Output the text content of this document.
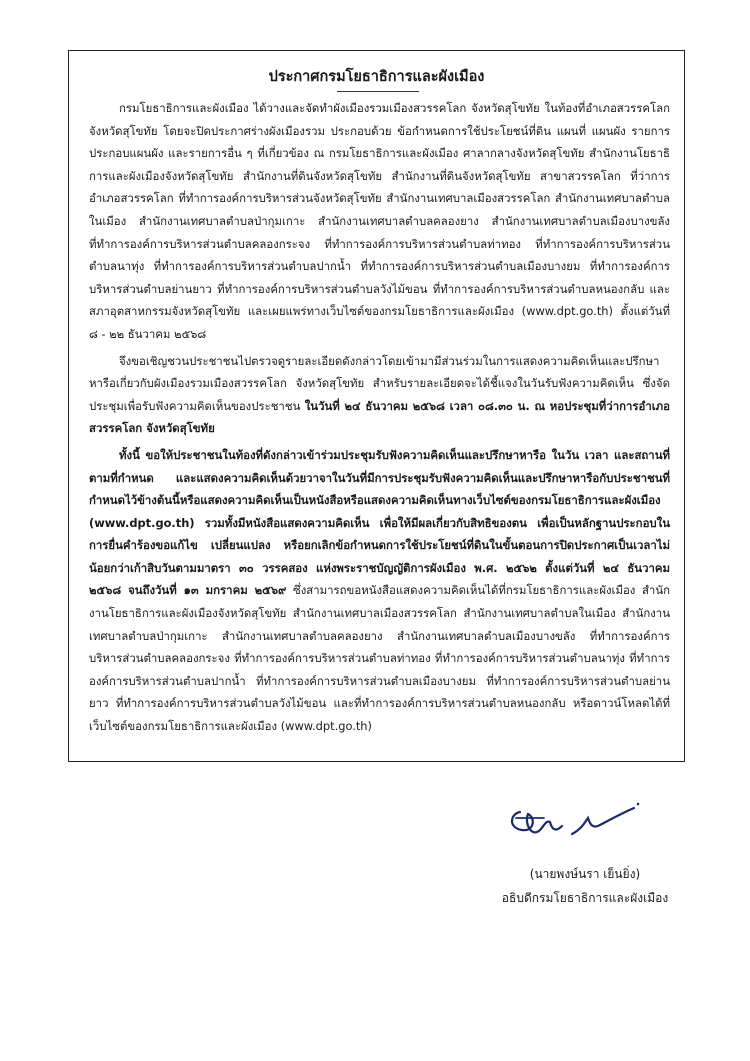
ประกาศกรมโยธาธิการและผังเมือง

กรมโยธาธิการและผังเมือง ได้วางและจัดทำผังเมืองรวมเมืองสวรรคโลก จังหวัดสุโขทัย ในท้องที่อำเภอสวรรคโลก จังหวัดสุโขทัย โดยจะปิดประกาศร่างผังเมืองรวม ประกอบด้วย ข้อกำหนดการใช้ประโยชน์ที่ดิน แผนที่ แผนผัง รายการประกอบแผนผัง และรายการอื่น ๆ ที่เกี่ยวข้อง ณ กรมโยธาธิการและผังเมือง ศาลากลางจังหวัดสุโขทัย สำนักงานโยธาธิการและผังเมืองจังหวัดสุโขทัย สำนักงานที่ดินจังหวัดสุโขทัย สำนักงานที่ดินจังหวัดสุโขทัย สาขาสวรรคโลก ที่ว่าการอำเภอสวรรคโลก ที่ทำการองค์การบริหารส่วนจังหวัดสุโขทัย สำนักงานเทศบาลเมืองสวรรคโลก สำนักงานเทศบาลตำบลในเมือง สำนักงานเทศบาลตำบลป่ากุมเกาะ สำนักงานเทศบาลตำบลคลองยาง สำนักงานเทศบาลตำบลเมืองบางขลัง ที่ทำการองค์การบริหารส่วนตำบลคลองกระจง ที่ทำการองค์การบริหารส่วนตำบลท่าทอง ที่ทำการองค์การบริหารส่วนตำบลนาทุ่ง ที่ทำการองค์การบริหารส่วนตำบลปากน้ำ ที่ทำการองค์การบริหารส่วนตำบลเมืองบางยม ที่ทำการองค์การบริหารส่วนตำบลย่านยาว ที่ทำการองค์การบริหารส่วนตำบลวังไม้ขอน ที่ทำการองค์การบริหารส่วนตำบลหนองกลับ และสภาอุตสาหกรรมจังหวัดสุโขทัย และเผยแพร่ทางเว็บไซต์ของกรมโยธาธิการและผังเมือง (www.dpt.go.th) ตั้งแต่วันที่ ๘ - ๒๒ ธันวาคม ๒๕๖๘

จึงขอเชิญชวนประชาชนไปตรวจดูรายละเอียดดังกล่าวโดยเข้ามามีส่วนร่วมในการแสดงความคิดเห็นและปรึกษาหารือเกี่ยวกับผังเมืองรวมเมืองสวรรคโลก จังหวัดสุโขทัย สำหรับรายละเอียดจะได้ชี้แจงในวันรับฟังความคิดเห็น ซึ่งจัดประชุมเพื่อรับฟังความคิดเห็นของประชาชน ในวันที่ ๒๔ ธันวาคม ๒๕๖๘ เวลา ๐๘.๓๐ น. ณ หอประชุมที่ว่าการอำเภอสวรรคโลก จังหวัดสุโขทัย

ทั้งนี้ ขอให้ประชาชนในท้องที่ดังกล่าวเข้าร่วมประชุมรับฟังความคิดเห็นและปรึกษาหารือ ในวัน เวลา และสถานที่ ตามที่กำหนด และแสดงความคิดเห็นด้วยวาจาในวันที่มีการประชุมรับฟังความคิดเห็นและปรึกษาหารือกับประชาชนที่กำหนดไว้ข้างต้นนี้หรือแสดงความคิดเห็นเป็นหนังสือหรือแสดงความคิดเห็นทางเว็บไซต์ของกรมโยธาธิการและผังเมือง (www.dpt.go.th) รวมทั้งมีหนังสือแสดงความคิดเห็น เพื่อให้มีผลเกี่ยวกับสิทธิของตน เพื่อเป็นหลักฐานประกอบในการยื่นคำร้องขอแก้ไข เปลี่ยนแปลง หรือยกเลิกข้อกำหนดการใช้ประโยชน์ที่ดินในขั้นตอนการปิดประกาศเป็นเวลาไม่น้อยกว่าเก้าสิบวันตามมาตรา ๓๐ วรรคสอง แห่งพระราชบัญญัติการผังเมือง พ.ศ. ๒๕๖๒ ตั้งแต่วันที่ ๒๔ ธันวาคม ๒๕๖๘ จนถึงวันที่ ๑๓ มกราคม ๒๕๖๙ ซึ่งสามารถขอหนังสือแสดงความคิดเห็นได้ที่กรมโยธาธิการและผังเมือง สำนักงานโยธาธิการและผังเมืองจังหวัดสุโขทัย สำนักงานเทศบาลเมืองสวรรคโลก สำนักงานเทศบาลตำบลในเมือง สำนักงานเทศบาลตำบลป่ากุมเกาะ สำนักงานเทศบาลตำบลคลองยาง สำนักงานเทศบาลตำบลเมืองบางขลัง ที่ทำการองค์การบริหารส่วนตำบลคลองกระจง ที่ทำการองค์การบริหารส่วนตำบลท่าทอง ที่ทำการองค์การบริหารส่วนตำบลนาทุ่ง ที่ทำการองค์การบริหารส่วนตำบลปากน้ำ ที่ทำการองค์การบริหารส่วนตำบลเมืองบางยม ที่ทำการองค์การบริหารส่วนตำบลย่านยาว ที่ทำการองค์การบริหารส่วนตำบลวังไม้ขอน และที่ทำการองค์การบริหารส่วนตำบลหนองกลับ หรือดาวน์โหลดได้ที่เว็บไซต์ของกรมโยธาธิการและผังเมือง (www.dpt.go.th)

(นายพงษ์นรา เย็นยิ่ง)
อธิบดีกรมโยธาธิการและผังเมือง
